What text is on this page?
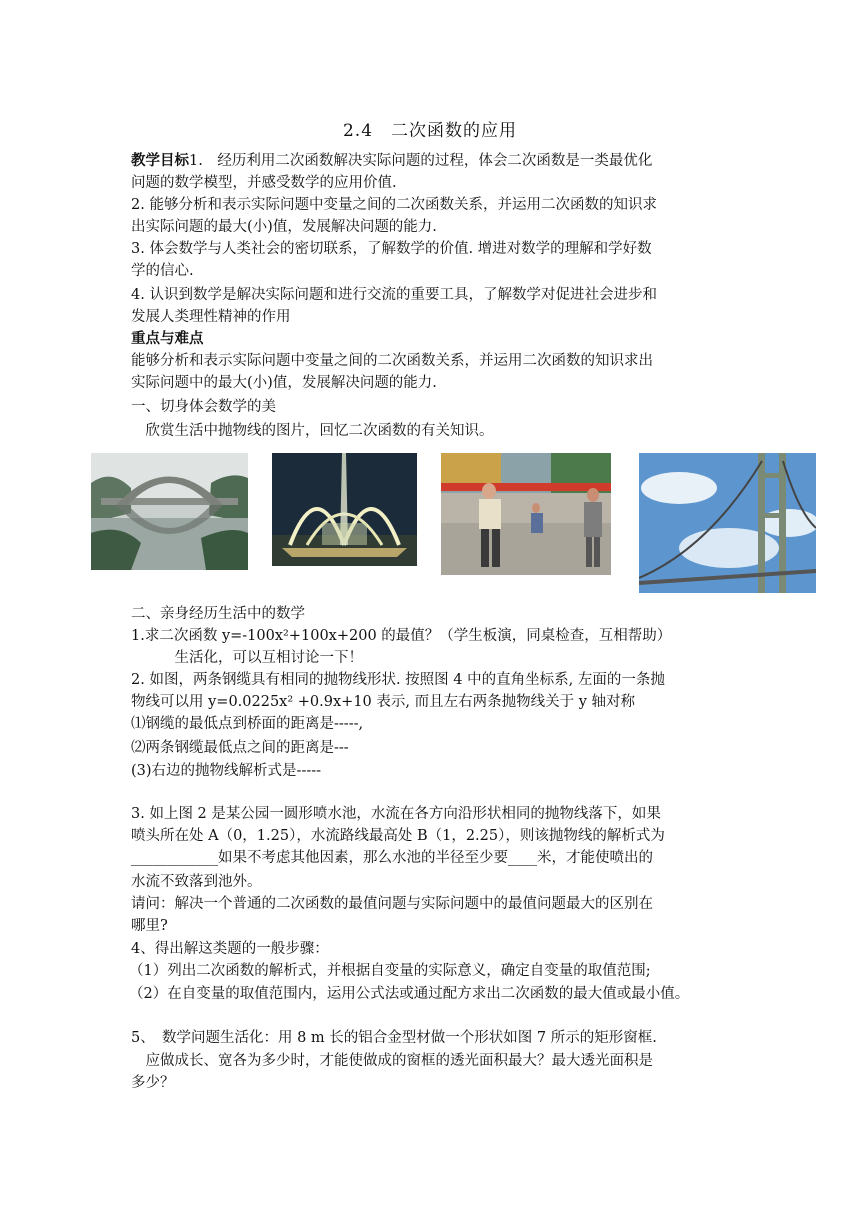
2.4　二次函数的应用
教学目标1.　经历利用二次函数解决实际问题的过程，体会二次函数是一类最优化
问题的数学模型，并感受数学的应用价值.
2. 能够分析和表示实际问题中变量之间的二次函数关系，并运用二次函数的知识求
出实际问题的最大(小)值，发展解决问题的能力.
3. 体会数学与人类社会的密切联系，了解数学的价值. 增进对数学的理解和学好数
学的信心.
4. 认识到数学是解决实际问题和进行交流的重要工具，了解数学对促进社会进步和
发展人类理性精神的作用
重点与难点
能够分析和表示实际问题中变量之间的二次函数关系，并运用二次函数的知识求出
实际问题中的最大(小)值，发展解决问题的能力.
一、切身体会数学的美
　欣赏生活中抛物线的图片，回忆二次函数的有关知识。
二、亲身经历生活中的数学
1.求二次函数 y=-100x²+100x+200 的最值？（学生板演，同桌检查，互相帮助）
　　　生活化，可以互相讨论一下！
2. 如图，两条钢缆具有相同的抛物线形状. 按照图 4 中的直角坐标系, 左面的一条抛
物线可以用 y=0.0225x² +0.9x+10 表示, 而且左右两条抛物线关于 y 轴对称
⑴钢缆的最低点到桥面的距离是-----,
⑵两条钢缆最低点之间的距离是---
(3)右边的抛物线解析式是-----
3. 如上图 2 是某公园一圆形喷水池，水流在各方向沿形状相同的抛物线落下，如果
喷头所在处 A（0，1.25），水流路线最高处 B（1，2.25），则该抛物线的解析式为
____________如果不考虑其他因素，那么水池的半径至少要____米，才能使喷出的
水流不致落到池外。
请问：解决一个普通的二次函数的最值问题与实际问题中的最值问题最大的区别在
哪里?
4、得出解这类题的一般步骤：
（1）列出二次函数的解析式，并根据自变量的实际意义，确定自变量的取值范围;
（2）在自变量的取值范围内，运用公式法或通过配方求出二次函数的最大值或最小值。
5、　数学问题生活化：用 8 m 长的铝合金型材做一个形状如图 7 所示的矩形窗框.
　应做成长、宽各为多少时，才能使做成的窗框的透光面积最大？最大透光面积是
多少？
